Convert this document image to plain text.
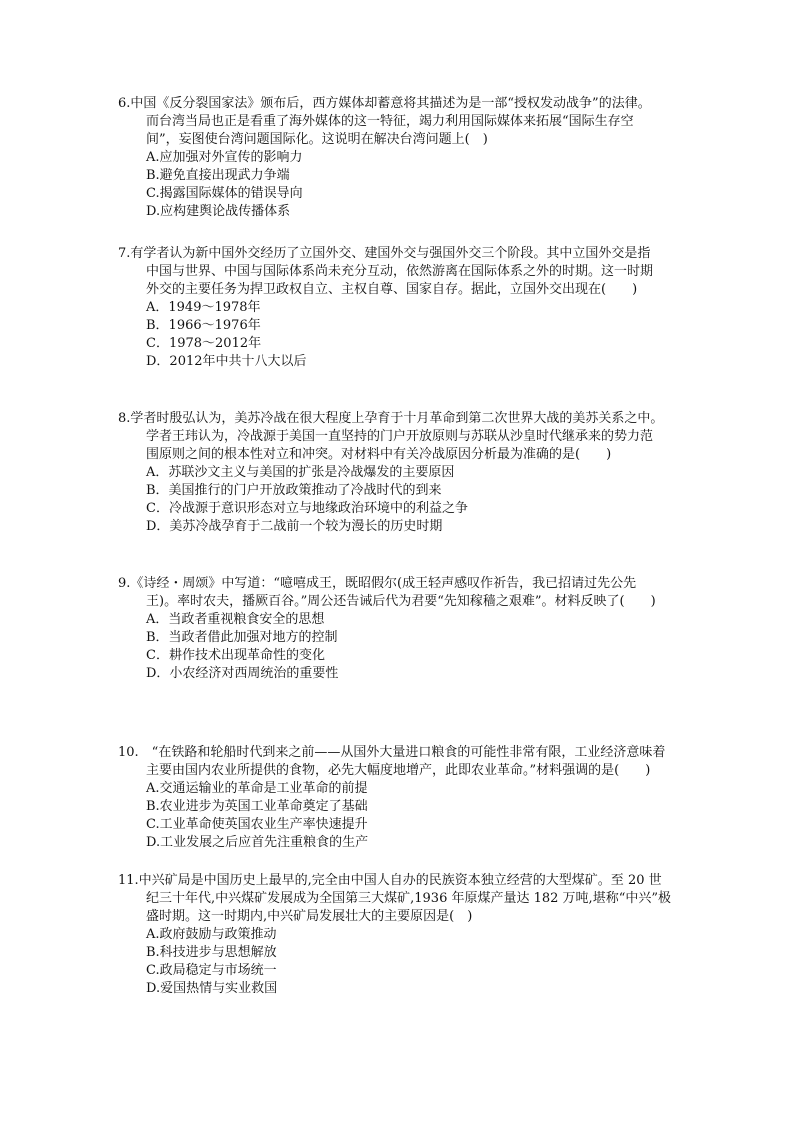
6.中国《反分裂国家法》颁布后，西方媒体却蓄意将其描述为是一部“授权发动战争”的法律。
而台湾当局也正是看重了海外媒体的这一特征，竭力利用国际媒体来拓展“国际生存空
间”，妄图使台湾问题国际化。这说明在解决台湾问题上(　)
A.应加强对外宣传的影响力
B.避免直接出现武力争端
C.揭露国际媒体的错误导向
D.应构建舆论战传播体系
7.有学者认为新中国外交经历了立国外交、建国外交与强国外交三个阶段。其中立国外交是指
中国与世界、中国与国际体系尚未充分互动，依然游离在国际体系之外的时期。这一时期
外交的主要任务为捍卫政权自立、主权自尊、国家自存。据此，立国外交出现在(　　)
A．1949～1978年
B．1966～1976年
C．1978～2012年
D．2012年中共十八大以后
8.学者时殷弘认为，美苏冷战在很大程度上孕育于十月革命到第二次世界大战的美苏关系之中。
学者王玮认为，冷战源于美国一直坚持的门户开放原则与苏联从沙皇时代继承来的势力范
围原则之间的根本性对立和冲突。对材料中有关冷战原因分析最为准确的是(　　)
A．苏联沙文主义与美国的扩张是冷战爆发的主要原因
B．美国推行的门户开放政策推动了冷战时代的到来
C．冷战源于意识形态对立与地缘政治环境中的利益之争
D．美苏冷战孕育于二战前一个较为漫长的历史时期
9.《诗经・周颂》中写道：“噫嘻成王，既昭假尔(成王轻声感叹作祈告，我已招请过先公先
王)。率时农夫，播厥百谷。”周公还告诫后代为君要“先知稼穑之艰难”。材料反映了(　　)
A．当政者重视粮食安全的思想
B．当政者借此加强对地方的控制
C．耕作技术出现革命性的变化
D．小农经济对西周统治的重要性
10.　“在铁路和轮船时代到来之前——从国外大量进口粮食的可能性非常有限，工业经济意味着
主要由国内农业所提供的食物，必先大幅度地增产，此即农业革命。”材料强调的是(　　)
A.交通运输业的革命是工业革命的前提
B.农业进步为英国工业革命奠定了基础
C.工业革命使英国农业生产率快速提升
D.工业发展之后应首先注重粮食的生产
11.中兴矿局是中国历史上最早的,完全由中国人自办的民族资本独立经营的大型煤矿。至 20 世
纪三十年代,中兴煤矿发展成为全国第三大煤矿,1936 年原煤产量达 182 万吨,堪称“中兴”极
盛时期。这一时期内,中兴矿局发展壮大的主要原因是(　)
A.政府鼓励与政策推动
B.科技进步与思想解放
C.政局稳定与市场统一
D.爱国热情与实业救国
